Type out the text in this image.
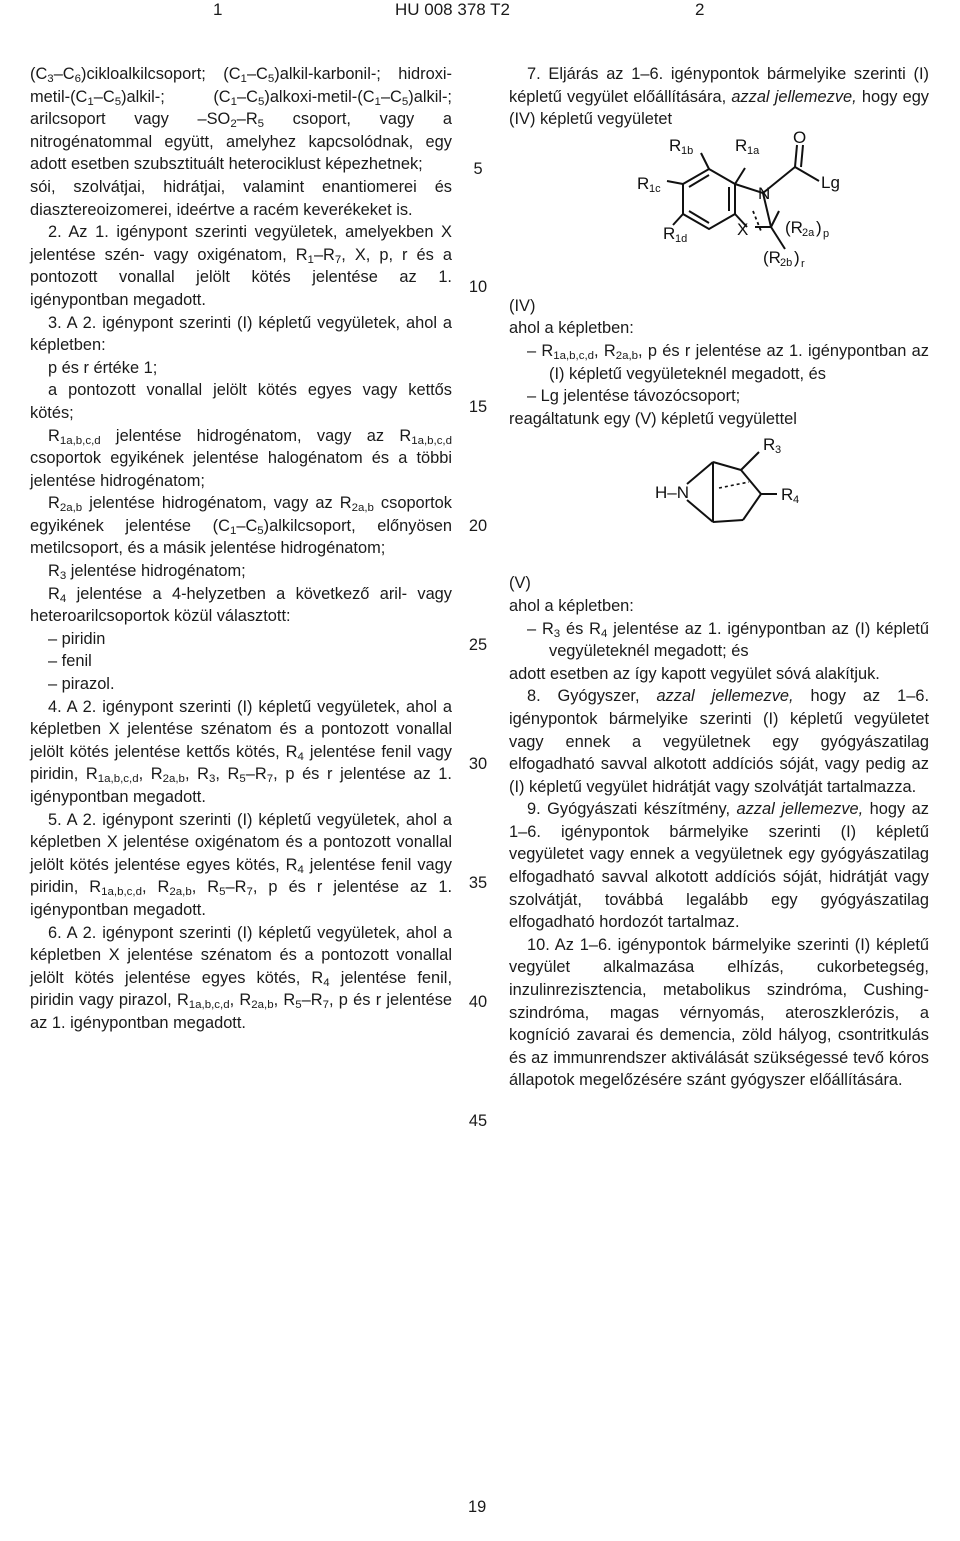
1	HU 008 378 T2	2
5
10
15
20
25
30
35
40
45

$(C_3-C_6)cikloalkilcsoport$; $(C_1-C_5)alkil-karbonil-$; hidroxi-$metil-(C_1-C_5)alkil-$; $(C_1-C_5)alkoxi-metil-(C_1-C_5)alkil-$; arilcsoport vagy $-SO_2-R_5$ csoport, vagy a nitrogénatommal együtt, amelyhez kapcsolódnak, egy adott esetben szubsztituált heterociklust képezhetnek;

sói, szolvátjai, hidrátjai, valamint enantiomerei és diasztereoizomerei, ideértve a racém keverékeket is.

2. Az 1. igénypont szerinti vegyületek, amelyekben X jelentése szén- vagy oxigénatom, $R_1-R_7$, X, p, r és a pontozott vonallal jelölt kötés jelentése az 1. igénypontban megadott.

3. A 2. igénypont szerinti (I) képletű vegyületek, ahol a képletben:

p és r értéke 1;

a pontozott vonallal jelölt kötés egyes vagy kettős kötés;

$R_{1a,b,c,d}$ jelentése hidrogénatom, vagy az $R_{1a,b,c,d}$ csoportok egyikének jelentése halogénatom és a többi jelentése hidrogénatom;

$R_{2a,b}$ jelentése hidrogénatom, vagy az $R_{2a,b}$ csoportok egyikének jelentése $(C_1-C_5)alkilcsoport$, előnyösen metilcsoport, és a másik jelentése hidrogénatom;

$R_3$ jelentése hidrogénatom;

$R_4$ jelentése a 4-helyzetben a következő aril- vagy heteroarilcsoportok közül választott:

– piridin

– fenil

– pirazol.

4. A 2. igénypont szerinti (I) képletű vegyületek, ahol a képletben X jelentése szénatom és a pontozott vonallal jelölt kötés jelentése kettős kötés, $R_4$ jelentése fenil vagy piridin, $R_{1a,b,c,d}$, $R_{2a,b}$, $R_3$, $R_5-R_7$, p és r jelentése az 1. igénypontban megadott.

5. A 2. igénypont szerinti (I) képletű vegyületek, ahol a képletben X jelentése oxigénatom és a pontozott vonallal jelölt kötés jelentése egyes kötés, $R_4$ jelentése fenil vagy piridin, $R_{1a,b,c,d}$, $R_{2a,b}$, $R_5-R_7$, p és r jelentése az 1. igénypontban megadott.

6. A 2. igénypont szerinti (I) képletű vegyületek, ahol a képletben X jelentése szénatom és a pontozott vonallal jelölt kötés jelentése egyes kötés, $R_4$ jelentése fenil, piridin vagy pirazol, $R_{1a,b,c,d}$, $R_{2a,b}$, $R_5-R_7$, p és r jelentése az 1. igénypontban megadott.

7. Eljárás az 1–6. igénypontok bármelyike szerinti (I) képletű vegyület előállítására, azzal jellemezve, hogy egy (IV) képletű vegyületet

R 1b R 1a
O
R 1c	N
Lg
R 1d	X (R 2a ) p
(R 2b ) r

(IV)

ahol a képletben:

– $R_{1a,b,c,d}$, $R_{2a,b}$, p és r jelentése az 1. igénypontban az (I) képletű vegyületeknél megadott, és

– Lg jelentése távozócsoport;

reagáltatunk egy (V) képletű vegyülettel

R 3
H–N	R 4

(V)

ahol a képletben:

– $R_3$ és $R_4$ jelentése az 1. igénypontban az (I) képletű vegyületeknél megadott; és

adott esetben az így kapott vegyület sóvá alakítjuk.

8. Gyógyszer, azzal jellemezve, hogy az 1–6. igénypontok bármelyike szerinti (I) képletű vegyületet vagy ennek a vegyületnek egy gyógyászatilag elfogadható savval alkotott addíciós sóját, vagy pedig az (I) képletű vegyület hidrátját vagy szolvátját tartalmazza.

9. Gyógyászati készítmény, azzal jellemezve, hogy az 1–6. igénypontok bármelyike szerinti (I) képletű vegyületet vagy ennek a vegyületnek egy gyógyászatilag elfogadható savval alkotott addíciós sóját, hidrátját vagy szolvátját, továbbá legalább egy gyógyászatilag elfogadható hordozót tartalmaz.

10. Az 1–6. igénypontok bármelyike szerinti (I) képletű vegyület alkalmazása elhízás, cukorbetegség, inzulinrezisztencia, metabolikus szindróma, Cushing-szindróma, magas vérnyomás, ateroszklerózis, a kogníció zavarai és demencia, zöld hályog, csontritkulás és az immunrendszer aktiválását szükségessé tevő kóros állapotok megelőzésére szánt gyógyszer előállítására.

19
